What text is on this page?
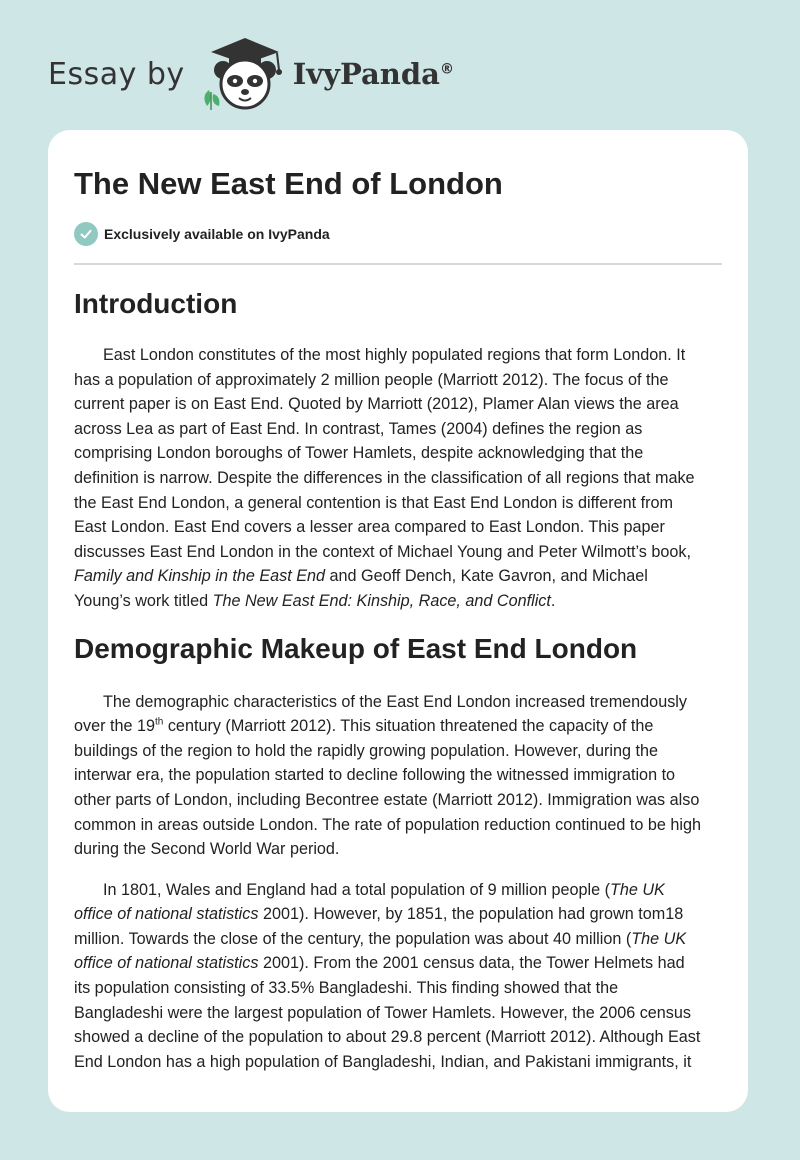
Essay by	IvyPanda®
The New East End of London
Exclusively available on IvyPanda
Introduction

East London constitutes of the most highly populated regions that form London. It
has a population of approximately 2 million people (Marriott 2012). The focus of the
current paper is on East End. Quoted by Marriott (2012), Plamer Alan views the area
across Lea as part of East End. In contrast, Tames (2004) defines the region as
comprising London boroughs of Tower Hamlets, despite acknowledging that the
definition is narrow. Despite the differences in the classification of all regions that make
the East End London, a general contention is that East End London is different from
East London. East End covers a lesser area compared to East London. This paper
discusses East End London in the context of Michael Young and Peter Wilmott’s book,
Family and Kinship in the East End and Geoff Dench, Kate Gavron, and Michael
Young’s work titled The New East End: Kinship, Race, and Conflict.

Demographic Makeup of East End London

The demographic characteristics of the East End London increased tremendously
over the 19th century (Marriott 2012). This situation threatened the capacity of the
buildings of the region to hold the rapidly growing population. However, during the
interwar era, the population started to decline following the witnessed immigration to
other parts of London, including Becontree estate (Marriott 2012). Immigration was also
common in areas outside London. The rate of population reduction continued to be high
during the Second World War period.

In 1801, Wales and England had a total population of 9 million people (The UK
office of national statistics 2001). However, by 1851, the population had grown tom18
million. Towards the close of the century, the population was about 40 million (The UK
office of national statistics 2001). From the 2001 census data, the Tower Helmets had
its population consisting of 33.5% Bangladeshi. This finding showed that the
Bangladeshi were the largest population of Tower Hamlets. However, the 2006 census
showed a decline of the population to about 29.8 percent (Marriott 2012). Although East
End London has a high population of Bangladeshi, Indian, and Pakistani immigrants, it
